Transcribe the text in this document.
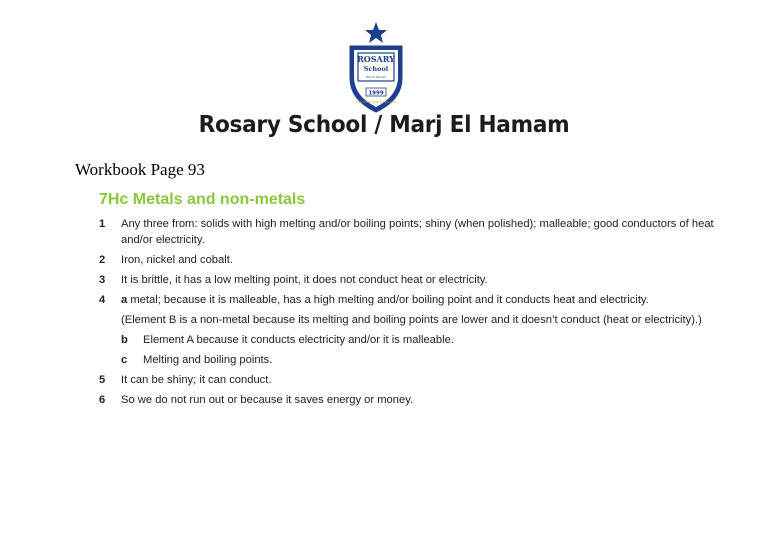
ROSARY
School
Marj El Hamam
1999
Commitment Faith & Excellence
Rosary School / Marj El Hamam
Workbook Page 93
7Hc Metals and non-metals
1	Any three from: solids with high melting and/or boiling points; shiny (when polished); malleable; good conductors of heat and/or electricity.
2	Iron, nickel and cobalt.
3	It is brittle, it has a low melting point, it does not conduct heat or electricity.
4	a metal; because it is malleable, has a high melting and/or boiling point and it conducts heat and electricity.
(Element B is a non-metal because its melting and boiling points are lower and it doesn’t conduct (heat or electricity).)
b	Element A because it conducts electricity and/or it is malleable.
c	Melting and boiling points.
5	It can be shiny; it can conduct.
6	So we do not run out or because it saves energy or money.
